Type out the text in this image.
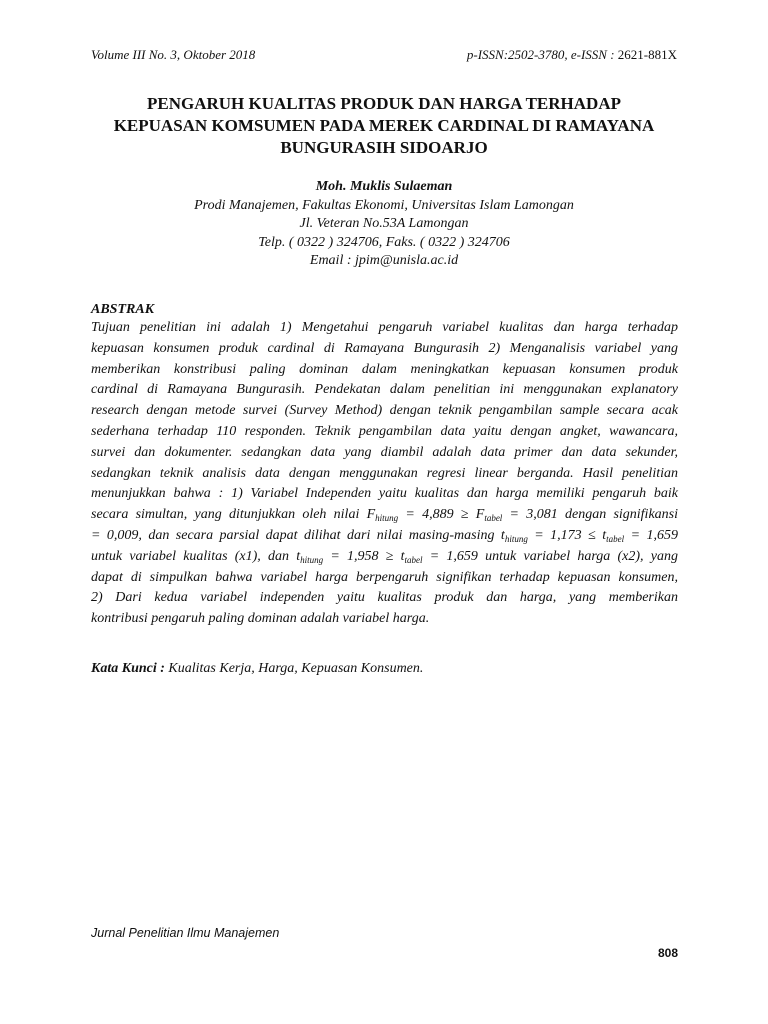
Volume III No. 3, Oktober 2018	p-ISSN:2502-3780, e-ISSN : 2621-881X
PENGARUH KUALITAS PRODUK DAN HARGA TERHADAP
KEPUASAN KOMSUMEN PADA MEREK CARDINAL DI RAMAYANA
BUNGURASIH SIDOARJO
Moh. Muklis Sulaeman
Prodi Manajemen, Fakultas Ekonomi, Universitas Islam Lamongan
Jl. Veteran No.53A Lamongan
Telp. ( 0322 ) 324706, Faks. ( 0322 ) 324706
Email : jpim@unisla.ac.id
ABSTRAK
Tujuan penelitian ini adalah 1) Mengetahui pengaruh variabel kualitas dan harga terhadap
kepuasan konsumen produk cardinal di Ramayana Bungurasih 2) Menganalisis variabel yang
memberikan konstribusi paling dominan dalam meningkatkan kepuasan konsumen produk
cardinal di Ramayana Bungurasih. Pendekatan dalam penelitian ini menggunakan explanatory
research dengan metode survei (Survey Method) dengan teknik pengambilan sample secara acak
sederhana terhadap 110 responden. Teknik pengambilan data yaitu dengan angket, wawancara,
survei dan dokumenter. sedangkan data yang diambil adalah data primer dan data sekunder,
sedangkan teknik analisis data dengan menggunakan regresi linear berganda. Hasil penelitian
menunjukkan bahwa : 1) Variabel Independen yaitu kualitas dan harga memiliki pengaruh baik
secara simultan, yang ditunjukkan oleh nilai $F_{hitung} = 4,889 \ge F_{tabel} = 3,081$ dengan signifikansi
= 0,009, dan secara parsial dapat dilihat dari nilai masing-masing $t_{hitung} = 1,173 \le t_{tabel} = 1,659$
untuk variabel kualitas (x1), dan $t_{hitung} = 1,958 \ge t_{tabel} = 1,659$ untuk variabel harga (x2), yang
dapat di simpulkan bahwa variabel harga berpengaruh signifikan terhadap kepuasan konsumen,
2) Dari kedua variabel independen yaitu kualitas produk dan harga, yang memberikan
kontribusi pengaruh paling dominan adalah variabel harga.
Kata Kunci : Kualitas Kerja, Harga, Kepuasan Konsumen.
Jurnal Penelitian Ilmu Manajemen
808
